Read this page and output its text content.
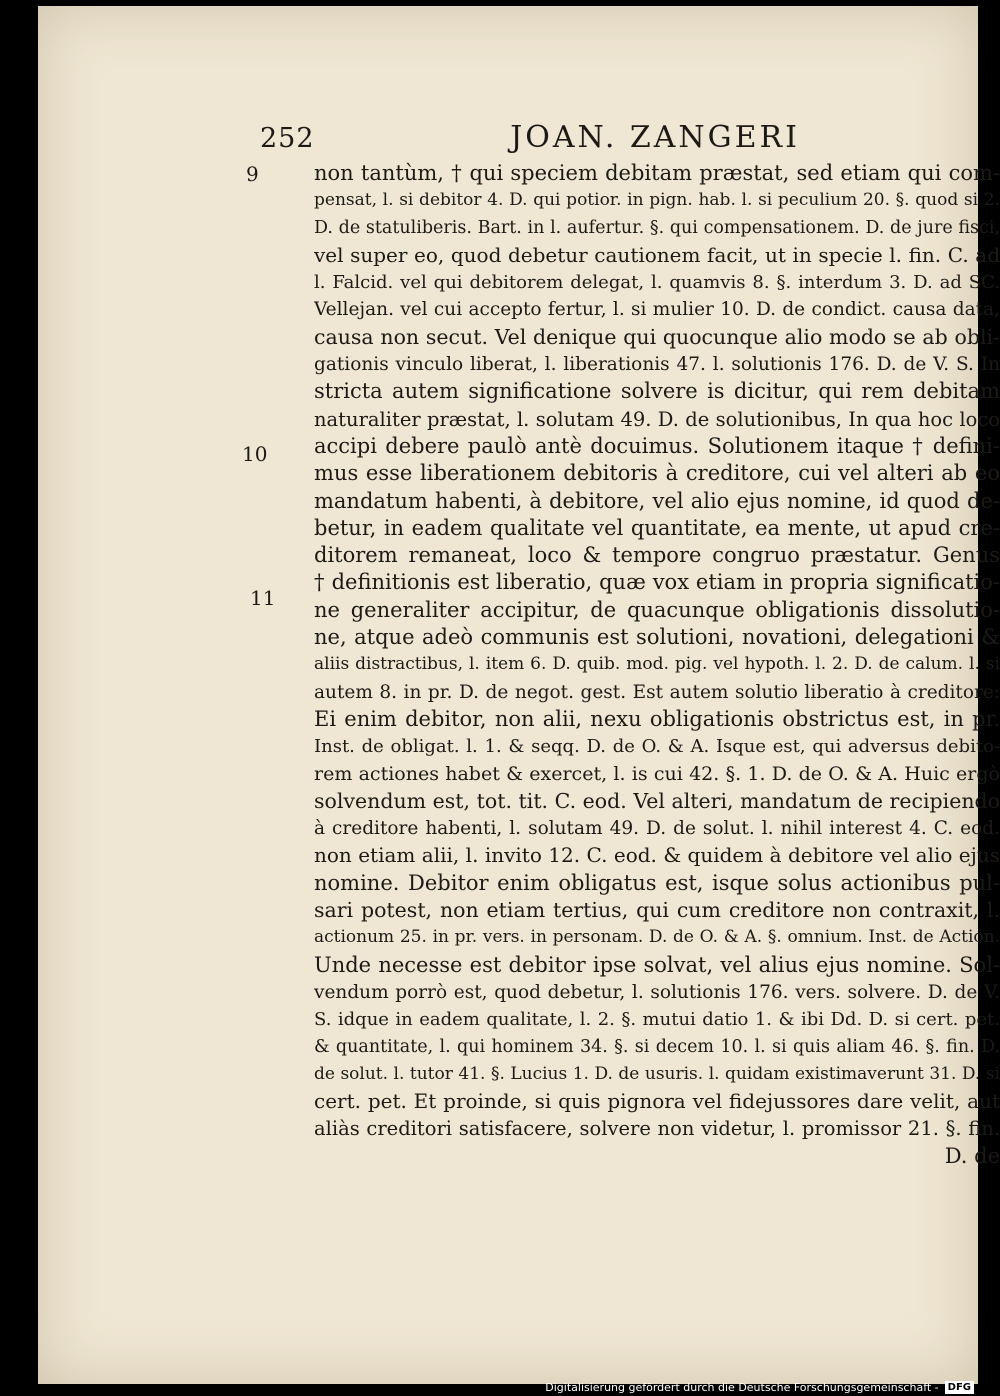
252	JOAN. ZANGERI
9
10
11
non tantùm, † qui speciem debitam præstat, sed etiam qui com-
pensat, l. si debitor 4. D. qui potior. in pign. hab. l. si peculium 20. §. quod si 2.
D. de statuliberis. Bart. in l. aufertur. §. qui compensationem. D. de jure fisci,
vel super eo, quod debetur cautionem facit, ut in specie l. fin. C. ad
l. Falcid. vel qui debitorem delegat, l. quamvis 8. §. interdum 3. D. ad SC.
Vellejan. vel cui accepto fertur, l. si mulier 10. D. de condict. causa data,
causa non secut. Vel denique qui quocunque alio modo se ab obli-
gationis vinculo liberat, l. liberationis 47. l. solutionis 176. D. de V. S. In
stricta autem significatione solvere is dicitur, qui rem debitam
naturaliter præstat, l. solutam 49. D. de solutionibus, In qua hoc loco
accipi debere paulò antè docuimus. Solutionem itaque † defini-
mus esse liberationem debitoris à creditore, cui vel alteri ab eo
mandatum habenti, à debitore, vel alio ejus nomine, id quod de-
betur, in eadem qualitate vel quantitate, ea mente, ut apud cre-
ditorem remaneat, loco & tempore congruo præstatur. Genus
† definitionis est liberatio, quæ vox etiam in propria significatio-
ne generaliter accipitur, de quacunque obligationis dissolutio-
ne, atque adeò communis est solutioni, novationi, delegationi &
aliis distractibus, l. item 6. D. quib. mod. pig. vel hypoth. l. 2. D. de calum. l. si
autem 8. in pr. D. de negot. gest. Est autem solutio liberatio à creditore:
Ei enim debitor, non alii, nexu obligationis obstrictus est, in pr.
Inst. de obligat. l. 1. & seqq. D. de O. & A. Isque est, qui adversus debito-
rem actiones habet & exercet, l. is cui 42. §. 1. D. de O. & A. Huic ergò
solvendum est, tot. tit. C. eod. Vel alteri, mandatum de recipiendo
à creditore habenti, l. solutam 49. D. de solut. l. nihil interest 4. C. eod.
non etiam alii, l. invito 12. C. eod. & quidem à debitore vel alio ejus
nomine. Debitor enim obligatus est, isque solus actionibus pul-
sari potest, non etiam tertius, qui cum creditore non contraxit, l.
actionum 25. in pr. vers. in personam. D. de O. & A. §. omnium. Inst. de Action.
Unde necesse est debitor ipse solvat, vel alius ejus nomine. Sol-
vendum porrò est, quod debetur, l. solutionis 176. vers. solvere. D. de V.
S. idque in eadem qualitate, l. 2. §. mutui datio 1. & ibi Dd. D. si cert. pet.
& quantitate, l. qui hominem 34. §. si decem 10. l. si quis aliam 46. §. fin. D.
de solut. l. tutor 41. §. Lucius 1. D. de usuris. l. quidam existimaverunt 31. D. si
cert. pet. Et proinde, si quis pignora vel fidejussores dare velit, aut
aliàs creditori satisfacere, solvere non videtur, l. promissor 21. §. fin.
D. de
Digitalisierung gefördert durch die Deutsche Forschungsgemeinschaft - DFG
